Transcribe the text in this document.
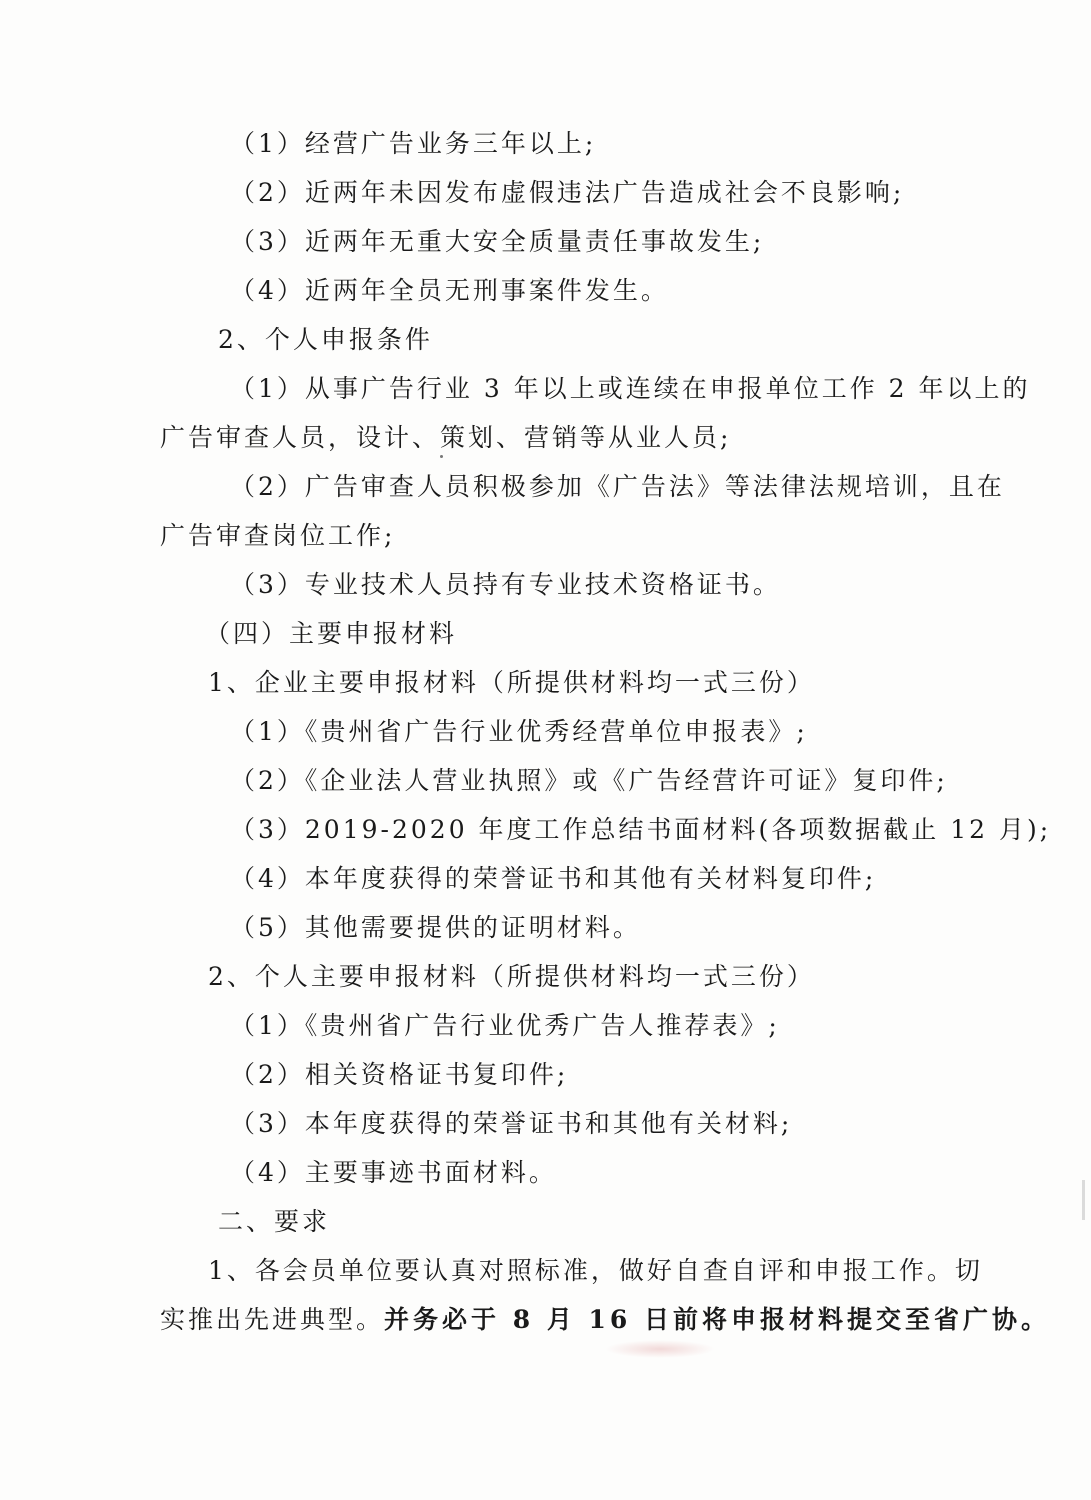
（1）经营广告业务三年以上;
（2）近两年未因发布虚假违法广告造成社会不良影响;
（3）近两年无重大安全质量责任事故发生;
（4）近两年全员无刑事案件发生。
2、个人申报条件
（1）从事广告行业 3 年以上或连续在申报单位工作 2 年以上的
广告审查人员，设计、策划、营销等从业人员;
（2）广告审查人员积极参加《广告法》等法律法规培训，且在
广告审查岗位工作;
（3）专业技术人员持有专业技术资格证书。
（四）主要申报材料
1、企业主要申报材料（所提供材料均一式三份）
（1）《贵州省广告行业优秀经营单位申报表》;
（2）《企业法人营业执照》或《广告经营许可证》复印件;
（3）2019-2020 年度工作总结书面材料(各项数据截止 12 月);
（4）本年度获得的荣誉证书和其他有关材料复印件;
（5）其他需要提供的证明材料。
2、个人主要申报材料（所提供材料均一式三份）
（1）《贵州省广告行业优秀广告人推荐表》;
（2）相关资格证书复印件;
（3）本年度获得的荣誉证书和其他有关材料;
（4）主要事迹书面材料。
二、要求
1、各会员单位要认真对照标准，做好自查自评和申报工作。切
实推出先进典型。并务必于 8 月 16 日前将申报材料提交至省广协。
